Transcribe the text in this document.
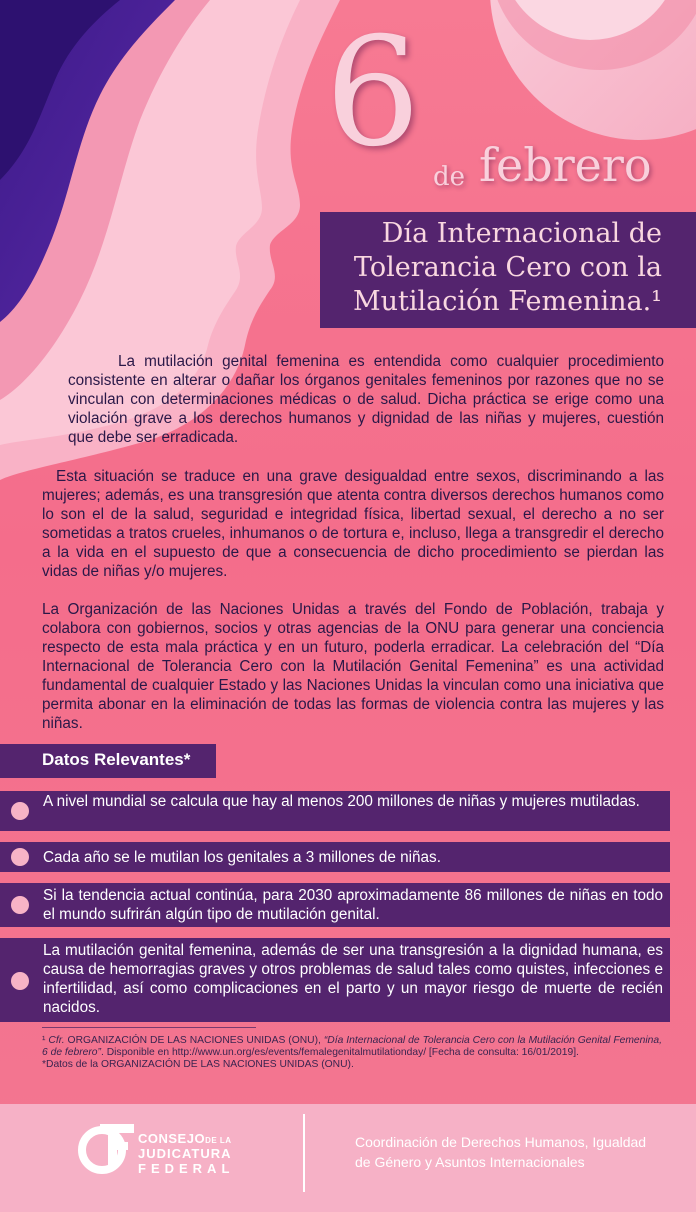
6 de febrero
Día Internacional de
Tolerancia Cero con la
Mutilación Femenina.¹

La mutilación genital femenina es entendida como cualquier procedimiento consistente en alterar o dañar los órganos genitales femeninos por razones que no se vinculan con determinaciones médicas o de salud. Dicha práctica se erige como una violación grave a los derechos humanos y dignidad de las niñas y mujeres, cuestión que debe ser erradicada.

Esta situación se traduce en una grave desigualdad entre sexos, discriminando a las mujeres; además, es una transgresión que atenta contra diversos derechos humanos como lo son el de la salud, seguridad e integridad física, libertad sexual, el derecho a no ser sometidas a tratos crueles, inhumanos o de tortura e, incluso, llega a transgredir el derecho a la vida en el supuesto de que a consecuencia de dicho procedimiento se pierdan las vidas de niñas y/o mujeres.

La Organización de las Naciones Unidas a través del Fondo de Población, trabaja y colabora con gobiernos, socios y otras agencias de la ONU para generar una conciencia respecto de esta mala práctica y en un futuro, poderla erradicar. La celebración del “Día Internacional de Tolerancia Cero con la Mutilación Genital Femenina” es una actividad fundamental de cualquier Estado y las Naciones Unidas la vinculan como una iniciativa que permita abonar en la eliminación de todas las formas de violencia contra las mujeres y las niñas.

Datos Relevantes*
A nivel mundial se calcula que hay al menos 200 millones de niñas y mujeres mutiladas.
Cada año se le mutilan los genitales a 3 millones de niñas.
Si la tendencia actual continúa, para 2030 aproximadamente 86 millones de niñas en todo el mundo sufrirán algún tipo de mutilación genital.
La mutilación genital femenina, además de ser una transgresión a la dignidad humana, es causa de hemorragias graves y otros problemas de salud tales como quistes, infecciones e infertilidad, así como complicaciones en el parto y un mayor riesgo de muerte de recién nacidos.
¹ Cfr. ORGANIZACIÓN DE LAS NACIONES UNIDAS (ONU), “Día Internacional de Tolerancia Cero con la Mutilación Genital Femenina, 6 de febrero”. Disponible en http://www.un.org/es/events/femalegenitalmutilationday/ [Fecha de consulta: 16/01/2019].
*Datos de la ORGANIZACIÓN DE LAS NACIONES UNIDAS (ONU).
CONSEJODE LA
JUDICATURA
FEDERAL
Coordinación de Derechos Humanos, Igualdad
de Género y Asuntos Internacionales
